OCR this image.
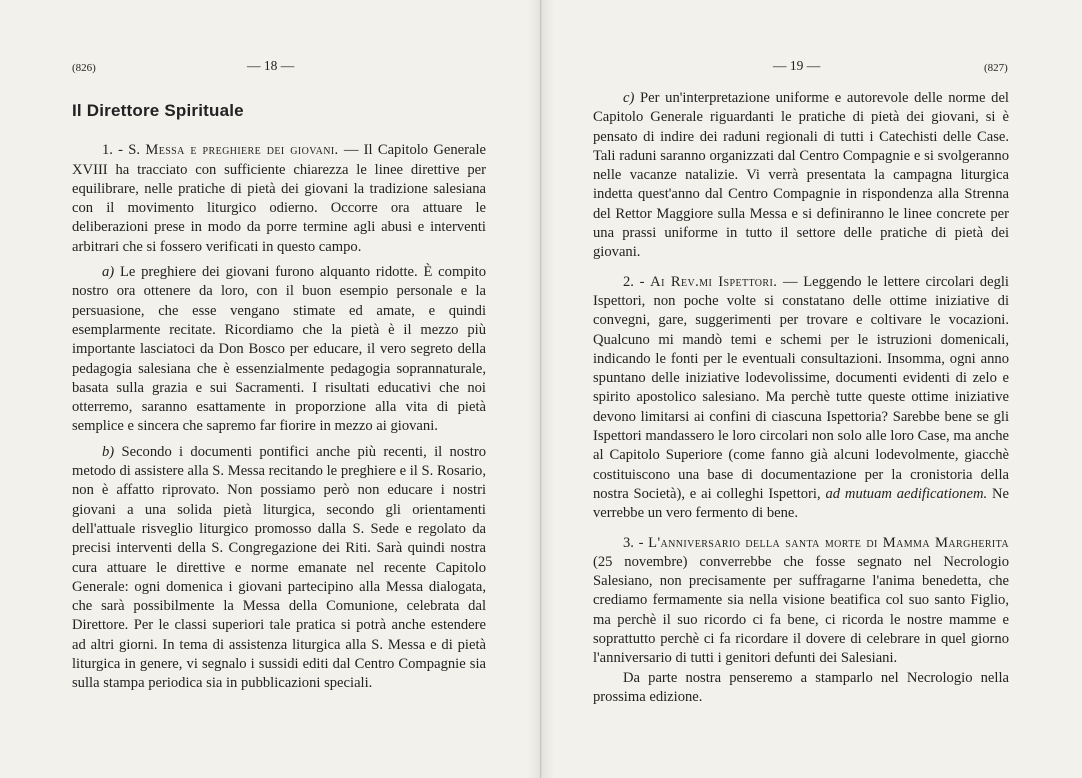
(826)	— 18 —
Il Direttore Spirituale

1. - S. Messa e preghiere dei giovani. — Il Capitolo Generale XVIII ha tracciato con sufficiente chiarezza le linee direttive per equilibrare, nelle pratiche di pietà dei giovani la tradizione salesiana con il movimento liturgico odierno. Occorre ora attuare le deliberazioni prese in modo da porre termine agli abusi e interventi arbitrari che si fossero verificati in questo campo.

a) Le preghiere dei giovani furono alquanto ridotte. È compito nostro ora ottenere da loro, con il buon esempio personale e la persuasione, che esse vengano stimate ed amate, e quindi esemplarmente recitate. Ricordiamo che la pietà è il mezzo più importante lasciatoci da Don Bosco per educare, il vero segreto della pedagogia salesiana che è essenzialmente pedagogia soprannaturale, basata sulla grazia e sui Sacramenti. I risultati educativi che noi otterremo, saranno esattamente in proporzione alla vita di pietà semplice e sincera che sapremo far fiorire in mezzo ai giovani.

b) Secondo i documenti pontifici anche più recenti, il nostro metodo di assistere alla S. Messa recitando le preghiere e il S. Rosario, non è affatto riprovato. Non possiamo però non educare i nostri giovani a una solida pietà liturgica, secondo gli orientamenti dell'attuale risveglio liturgico promosso dalla S. Sede e regolato da precisi interventi della S. Congregazione dei Riti. Sarà quindi nostra cura attuare le direttive e norme emanate nel recente Capitolo Generale: ogni domenica i giovani partecipino alla Messa dialogata, che sarà possibilmente la Messa della Comunione, celebrata dal Direttore. Per le classi superiori tale pratica si potrà anche estendere ad altri giorni. In tema di assistenza liturgica alla S. Messa e di pietà liturgica in genere, vi segnalo i sussidi editi dal Centro Compagnie sia sulla stampa periodica sia in pubblicazioni speciali.

— 19 —	(827)

c) Per un'interpretazione uniforme e autorevole delle norme del Capitolo Generale riguardanti le pratiche di pietà dei giovani, si è pensato di indire dei raduni regionali di tutti i Catechisti delle Case. Tali raduni saranno organizzati dal Centro Compagnie e si svolgeranno nelle vacanze natalizie. Vi verrà presentata la campagna liturgica indetta quest'anno dal Centro Compagnie in rispondenza alla Strenna del Rettor Maggiore sulla Messa e si definiranno le linee concrete per una prassi uniforme in tutto il settore delle pratiche di pietà dei giovani.

2. - Ai Rev.mi Ispettori. — Leggendo le lettere circolari degli Ispettori, non poche volte si constatano delle ottime iniziative di convegni, gare, suggerimenti per trovare e coltivare le vocazioni. Qualcuno mi mandò temi e schemi per le istruzioni domenicali, indicando le fonti per le eventuali consultazioni. Insomma, ogni anno spuntano delle iniziative lodevolissime, documenti evidenti di zelo e spirito apostolico salesiano. Ma perchè tutte queste ottime iniziative devono limitarsi ai confini di ciascuna Ispettoria? Sarebbe bene se gli Ispettori mandassero le loro circolari non solo alle loro Case, ma anche al Capitolo Superiore (come fanno già alcuni lodevolmente, giacchè costituiscono una base di documentazione per la cronistoria della nostra Società), e ai colleghi Ispettori, ad mutuam aedificationem. Ne verrebbe un vero fermento di bene.

3. - L'anniversario della santa morte di Mamma Margherita (25 novembre) converrebbe che fosse segnato nel Necrologio Salesiano, non precisamente per suffragarne l'anima benedetta, che crediamo fermamente sia nella visione beatifica col suo santo Figlio, ma perchè il suo ricordo ci fa bene, ci ricorda le nostre mamme e soprattutto perchè ci fa ricordare il dovere di celebrare in quel giorno l'anniversario di tutti i genitori defunti dei Salesiani.

Da parte nostra penseremo a stamparlo nel Necrologio nella prossima edizione.
